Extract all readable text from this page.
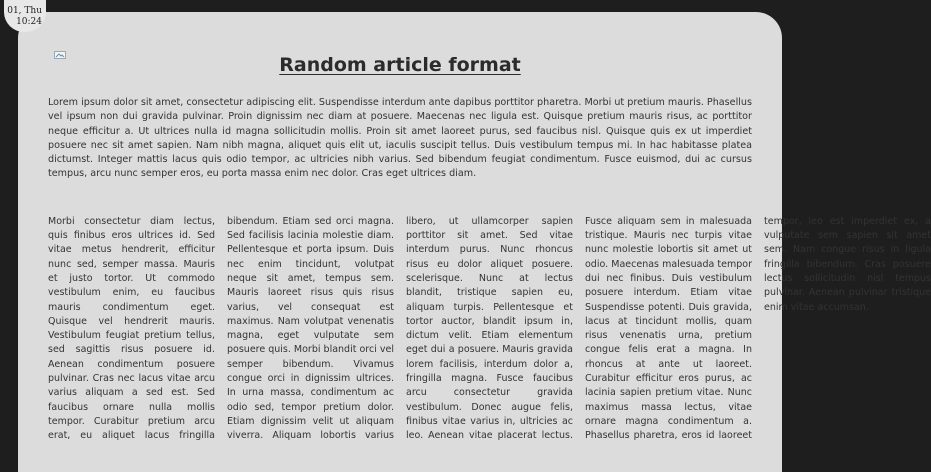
01, Thu
10:24
Random article format

Lorem ipsum dolor sit amet, consectetur adipiscing elit. Suspendisse interdum ante dapibus porttitor pharetra. Morbi ut pretium mauris. Phasellus vel ipsum non dui gravida pulvinar. Proin dignissim nec diam at posuere. Maecenas nec ligula est. Quisque pretium mauris risus, ac porttitor neque efficitur a. Ut ultrices nulla id magna sollicitudin mollis. Proin sit amet laoreet purus, sed faucibus nisl. Quisque quis ex ut imperdiet posuere nec sit amet sapien. Nam nibh magna, aliquet quis elit ut, iaculis suscipit tellus. Duis vestibulum tempus mi. In hac habitasse platea dictumst. Integer mattis lacus quis odio tempor, ac ultricies nibh varius. Sed bibendum feugiat condimentum. Fusce euismod, dui ac cursus tempus, arcu nunc semper eros, eu porta massa enim nec dolor. Cras eget ultrices diam.

Morbi consectetur diam lectus, quis finibus eros ultrices id. Sed vitae metus hendrerit, efficitur nunc sed, semper massa. Mauris et justo tortor. Ut commodo vestibulum enim, eu faucibus mauris condimentum eget. Quisque vel hendrerit mauris. Vestibulum feugiat pretium tellus, sed sagittis risus posuere id. Aenean condimentum posuere pulvinar. Cras nec lacus vitae arcu varius aliquam a sed est. Sed faucibus ornare nulla mollis tempor. Curabitur pretium arcu erat, eu aliquet lacus fringilla bibendum. Etiam sed orci magna. Sed facilisis lacinia molestie diam. Pellentesque et porta ipsum. Duis nec enim tincidunt, volutpat neque sit amet, tempus sem. Mauris laoreet risus quis risus varius, vel consequat est maximus. Nam volutpat venenatis magna, eget vulputate sem posuere quis. Morbi blandit orci vel semper bibendum. Vivamus congue orci in dignissim ultrices. In urna massa, condimentum ac odio sed, tempor pretium dolor. Etiam dignissim velit ut aliquam viverra. Aliquam lobortis varius libero, ut ullamcorper sapien porttitor sit amet. Sed vitae interdum purus. Nunc rhoncus risus eu dolor aliquet posuere. scelerisque. Nunc at lectus blandit, tristique sapien eu, aliquam turpis. Pellentesque et tortor auctor, blandit ipsum in, dictum velit. Etiam elementum eget dui a posuere. Mauris gravida lorem facilisis, interdum dolor a, fringilla magna. Fusce faucibus arcu consectetur gravida vestibulum. Donec augue felis, finibus vitae varius in, ultricies ac leo. Aenean vitae placerat lectus. Fusce aliquam sem in malesuada tristique. Mauris nec turpis vitae nunc molestie lobortis sit amet ut odio. Maecenas malesuada tempor dui nec finibus. Duis vestibulum posuere interdum. Etiam vitae Suspendisse potenti. Duis gravida, lacus at tincidunt mollis, quam risus venenatis urna, pretium congue felis erat a magna. In rhoncus at ante ut laoreet. Curabitur efficitur eros purus, ac lacinia sapien pretium vitae. Nunc maximus massa lectus, vitae ornare magna condimentum a. Phasellus pharetra, eros id laoreet tempor, leo est imperdiet ex, a vulputate sem sapien sit amet sem. Nam congue risus in ligula fringilla bibendum. Cras posuere lectus sollicitudin nisl tempus pulvinar. Aenean pulvinar tristique enim vitae accumsan.
